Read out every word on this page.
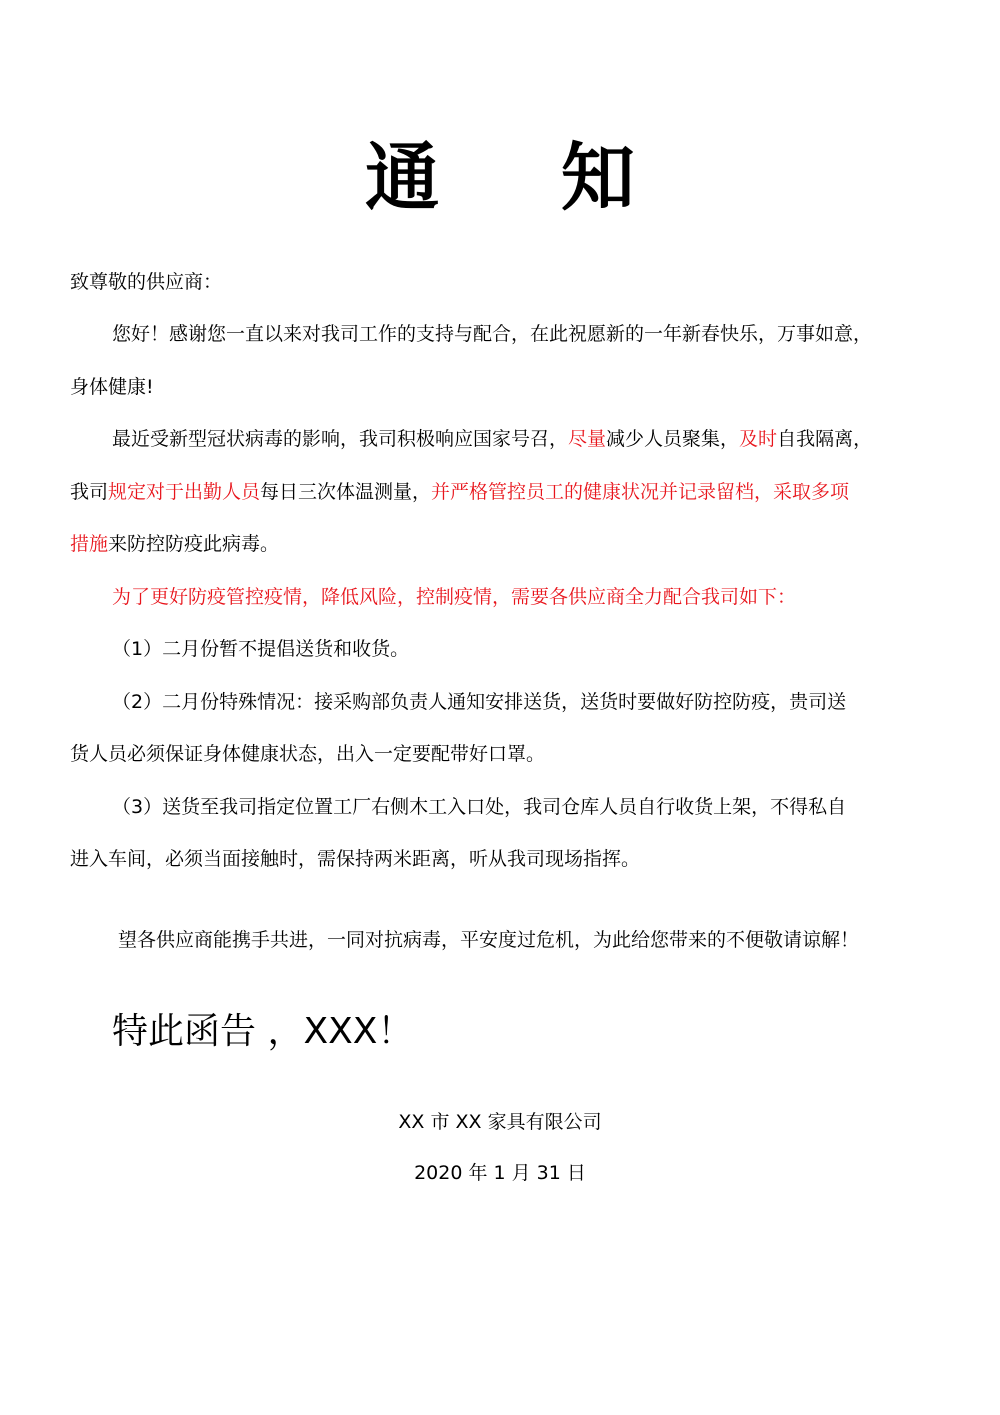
通 知
致尊敬的供应商：
您好！感谢您一直以来对我司工作的支持与配合，在此祝愿新的一年新春快乐，万事如意，
身体健康!
最近受新型冠状病毒的影响，我司积极响应国家号召，尽量减少人员聚集，及时自我隔离，
我司规定对于出勤人员每日三次体温测量，并严格管控员工的健康状况并记录留档，采取多项
措施来防控防疫此病毒。
为了更好防疫管控疫情，降低风险，控制疫情，需要各供应商全力配合我司如下：
（1）二月份暂不提倡送货和收货。
（2）二月份特殊情况：接采购部负责人通知安排送货，送货时要做好防控防疫，贵司送
货人员必须保证身体健康状态，出入一定要配带好口罩。
（3）送货至我司指定位置工厂右侧木工入口处，我司仓库人员自行收货上架，不得私自
进入车间，必须当面接触时，需保持两米距离，听从我司现场指挥。
望各供应商能携手共进，一同对抗病毒，平安度过危机，为此给您带来的不便敬请谅解！
特此函告 ，XXX！
XX 市 XX 家具有限公司
2020 年 1 月 31 日
